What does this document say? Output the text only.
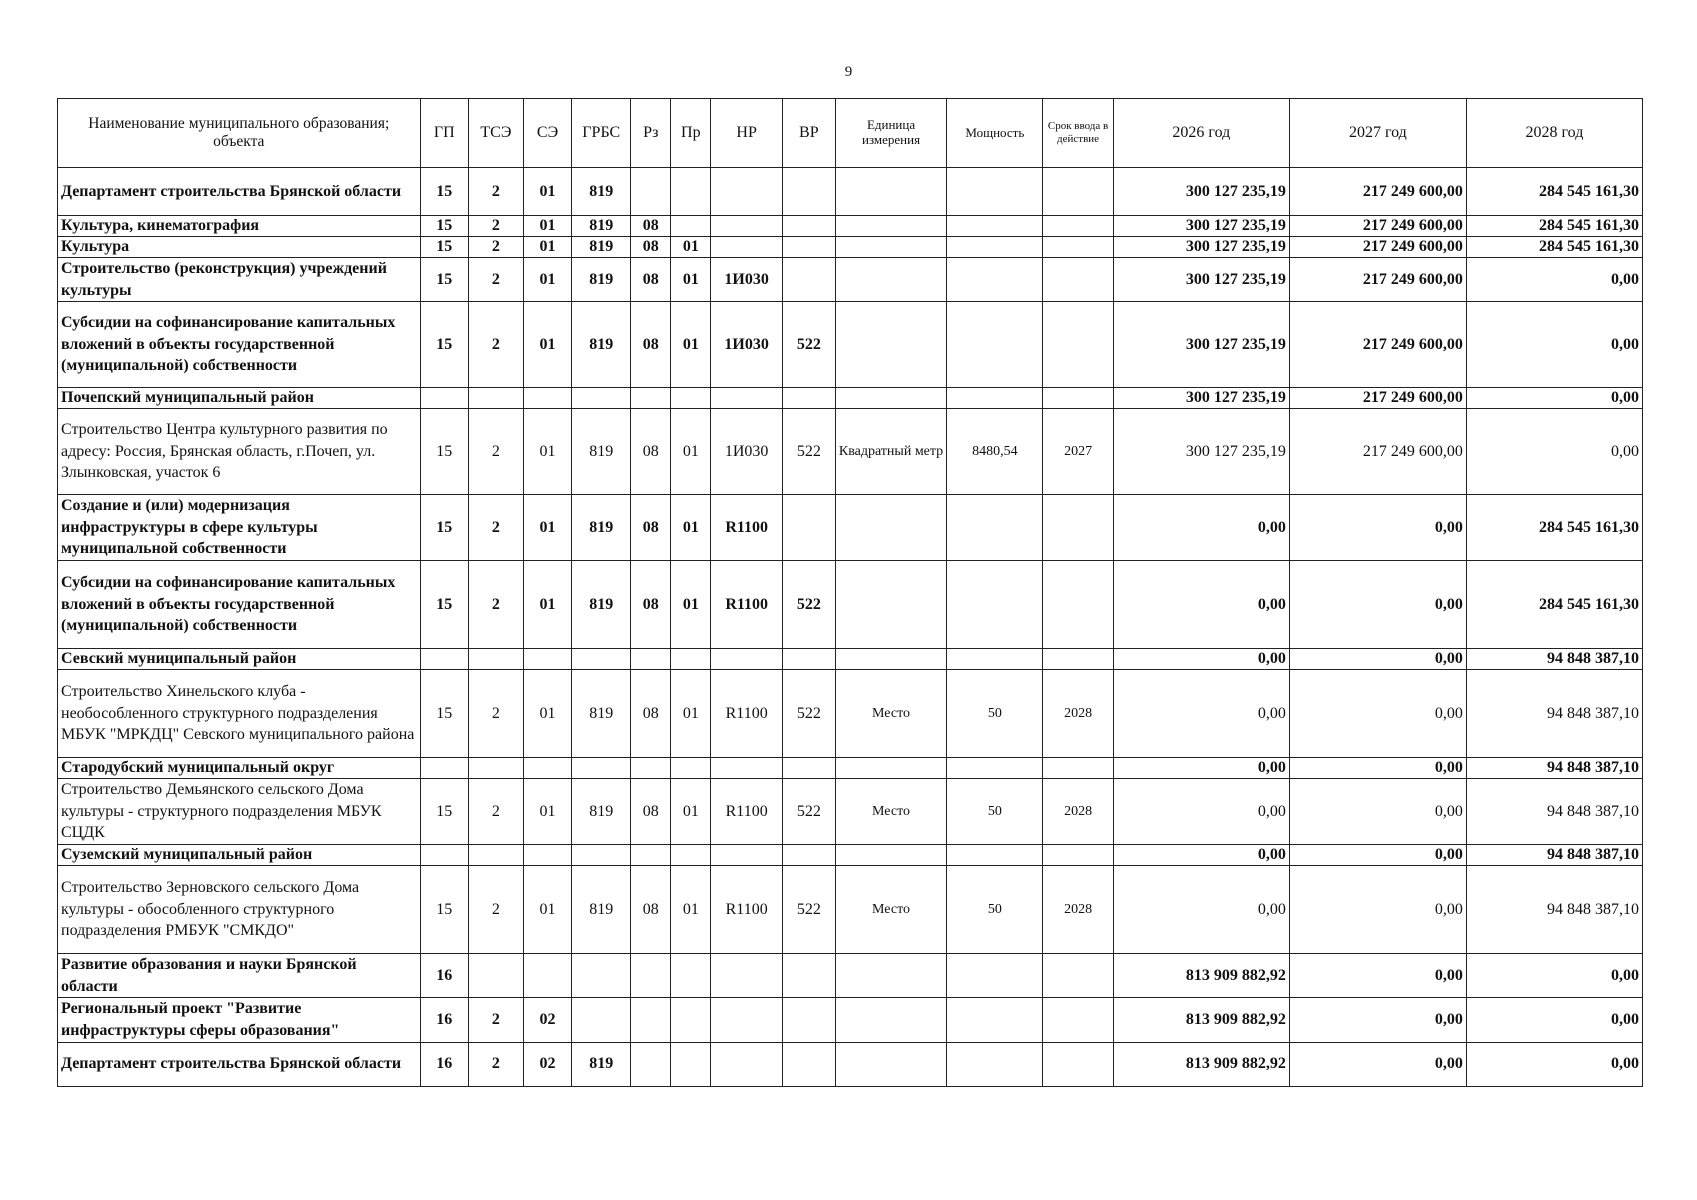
9
Наименование муниципального образования; объекта	ГП	ТСЭ	СЭ	ГРБС	Рз	Пр	НР	ВР	Единица измерения	Мощность	Срок ввода в действие	2026 год	2027 год	2028 год
Департамент строительства Брянской области	15	2	01	819								300 127 235,19	217 249 600,00	284 545 161,30
Культура, кинематография	15	2	01	819	08							300 127 235,19	217 249 600,00	284 545 161,30
Культура	15	2	01	819	08	01						300 127 235,19	217 249 600,00	284 545 161,30
Строительство (реконструкция) учреждений культуры	15	2	01	819	08	01	1И030					300 127 235,19	217 249 600,00	0,00
Субсидии на софинансирование капитальных вложений в объекты государственной (муниципальной) собственности	15	2	01	819	08	01	1И030	522				300 127 235,19	217 249 600,00	0,00
Почепский муниципальный район												300 127 235,19	217 249 600,00	0,00
Строительство Центра культурного развития по адресу: Россия, Брянская область, г.Почеп, ул. Злынковская, участок 6	15	2	01	819	08	01	1И030	522	Квадратный метр	8480,54	2027	300 127 235,19	217 249 600,00	0,00
Создание и (или) модернизация инфраструктуры в сфере культуры муниципальной собственности	15	2	01	819	08	01	R1100					0,00	0,00	284 545 161,30
Субсидии на софинансирование капитальных вложений в объекты государственной (муниципальной) собственности	15	2	01	819	08	01	R1100	522				0,00	0,00	284 545 161,30
Севский муниципальный район												0,00	0,00	94 848 387,10
Строительство Хинельского клуба - необособленного структурного подразделения МБУК "МРКДЦ" Севского муниципального района	15	2	01	819	08	01	R1100	522	Место	50	2028	0,00	0,00	94 848 387,10
Стародубский муниципальный округ												0,00	0,00	94 848 387,10
Строительство Демьянского сельского Дома культуры - структурного подразделения МБУК СЦДК	15	2	01	819	08	01	R1100	522	Место	50	2028	0,00	0,00	94 848 387,10
Суземский муниципальный район												0,00	0,00	94 848 387,10
Строительство Зерновского сельского Дома культуры - обособленного структурного подразделения РМБУК "СМКДО"	15	2	01	819	08	01	R1100	522	Место	50	2028	0,00	0,00	94 848 387,10
Развитие образования и науки Брянской области	16											813 909 882,92	0,00	0,00
Региональный проект "Развитие инфраструктуры сферы образования"	16	2	02									813 909 882,92	0,00	0,00
Департамент строительства Брянской области	16	2	02	819								813 909 882,92	0,00	0,00
